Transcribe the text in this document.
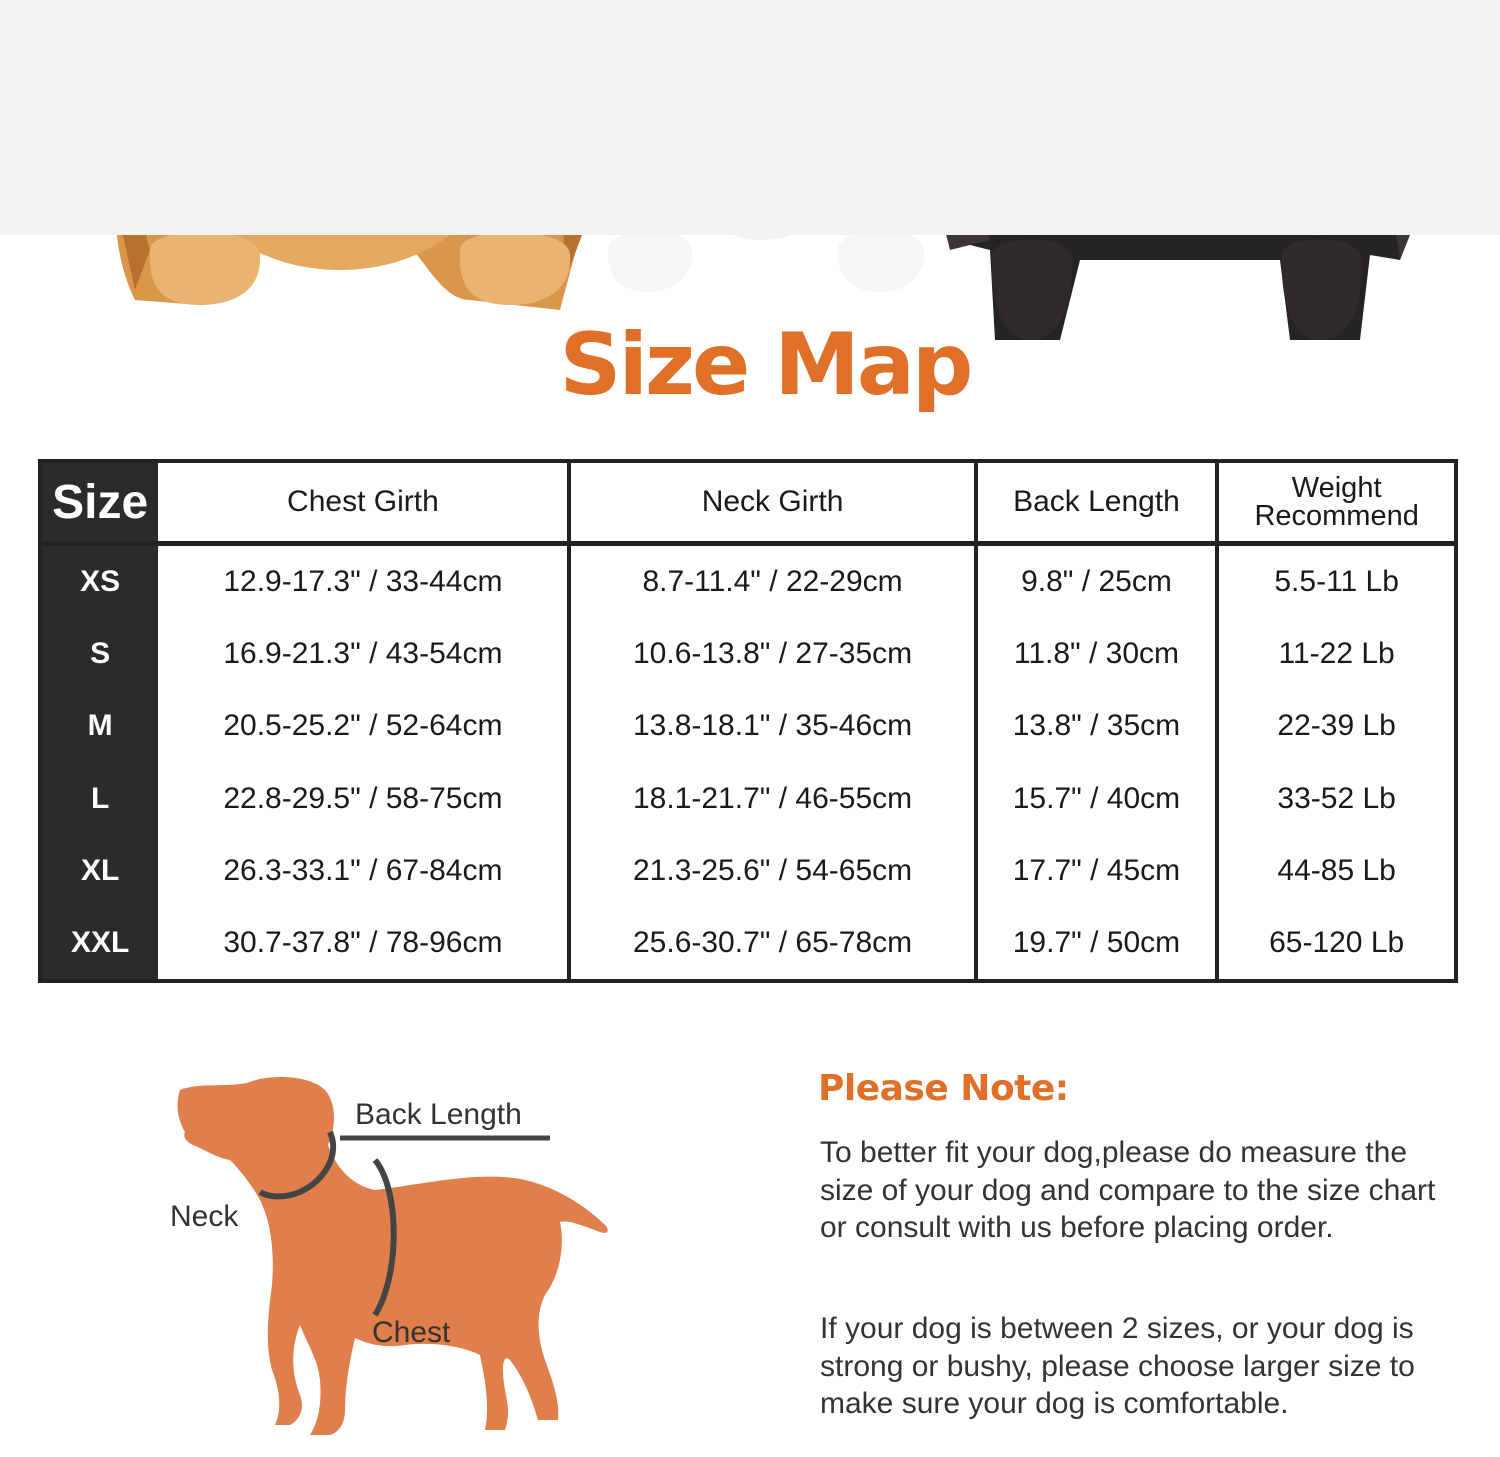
Size Map
Size	Chest Girth	Neck Girth	Back Length	Weight Recommend
XS	12.9-17.3" / 33-44cm	8.7-11.4" / 22-29cm	9.8" / 25cm	5.5-11 Lb
S	16.9-21.3" / 43-54cm	10.6-13.8" / 27-35cm	11.8" / 30cm	11-22 Lb
M	20.5-25.2" / 52-64cm	13.8-18.1" / 35-46cm	13.8" / 35cm	22-39 Lb
L	22.8-29.5" / 58-75cm	18.1-21.7" / 46-55cm	15.7" / 40cm	33-52 Lb
XL	26.3-33.1" / 67-84cm	21.3-25.6" / 54-65cm	17.7" / 45cm	44-85 Lb
XXL	30.7-37.8" / 78-96cm	25.6-30.7" / 65-78cm	19.7" / 50cm	65-120 Lb
Back Length
Neck
Chest
Please Note:

To better fit your dog,please do measure the size of your dog and compare to the size chart or consult with us before placing order.

If your dog is between 2 sizes, or your dog is strong or bushy, please choose larger size to make sure your dog is comfortable.
